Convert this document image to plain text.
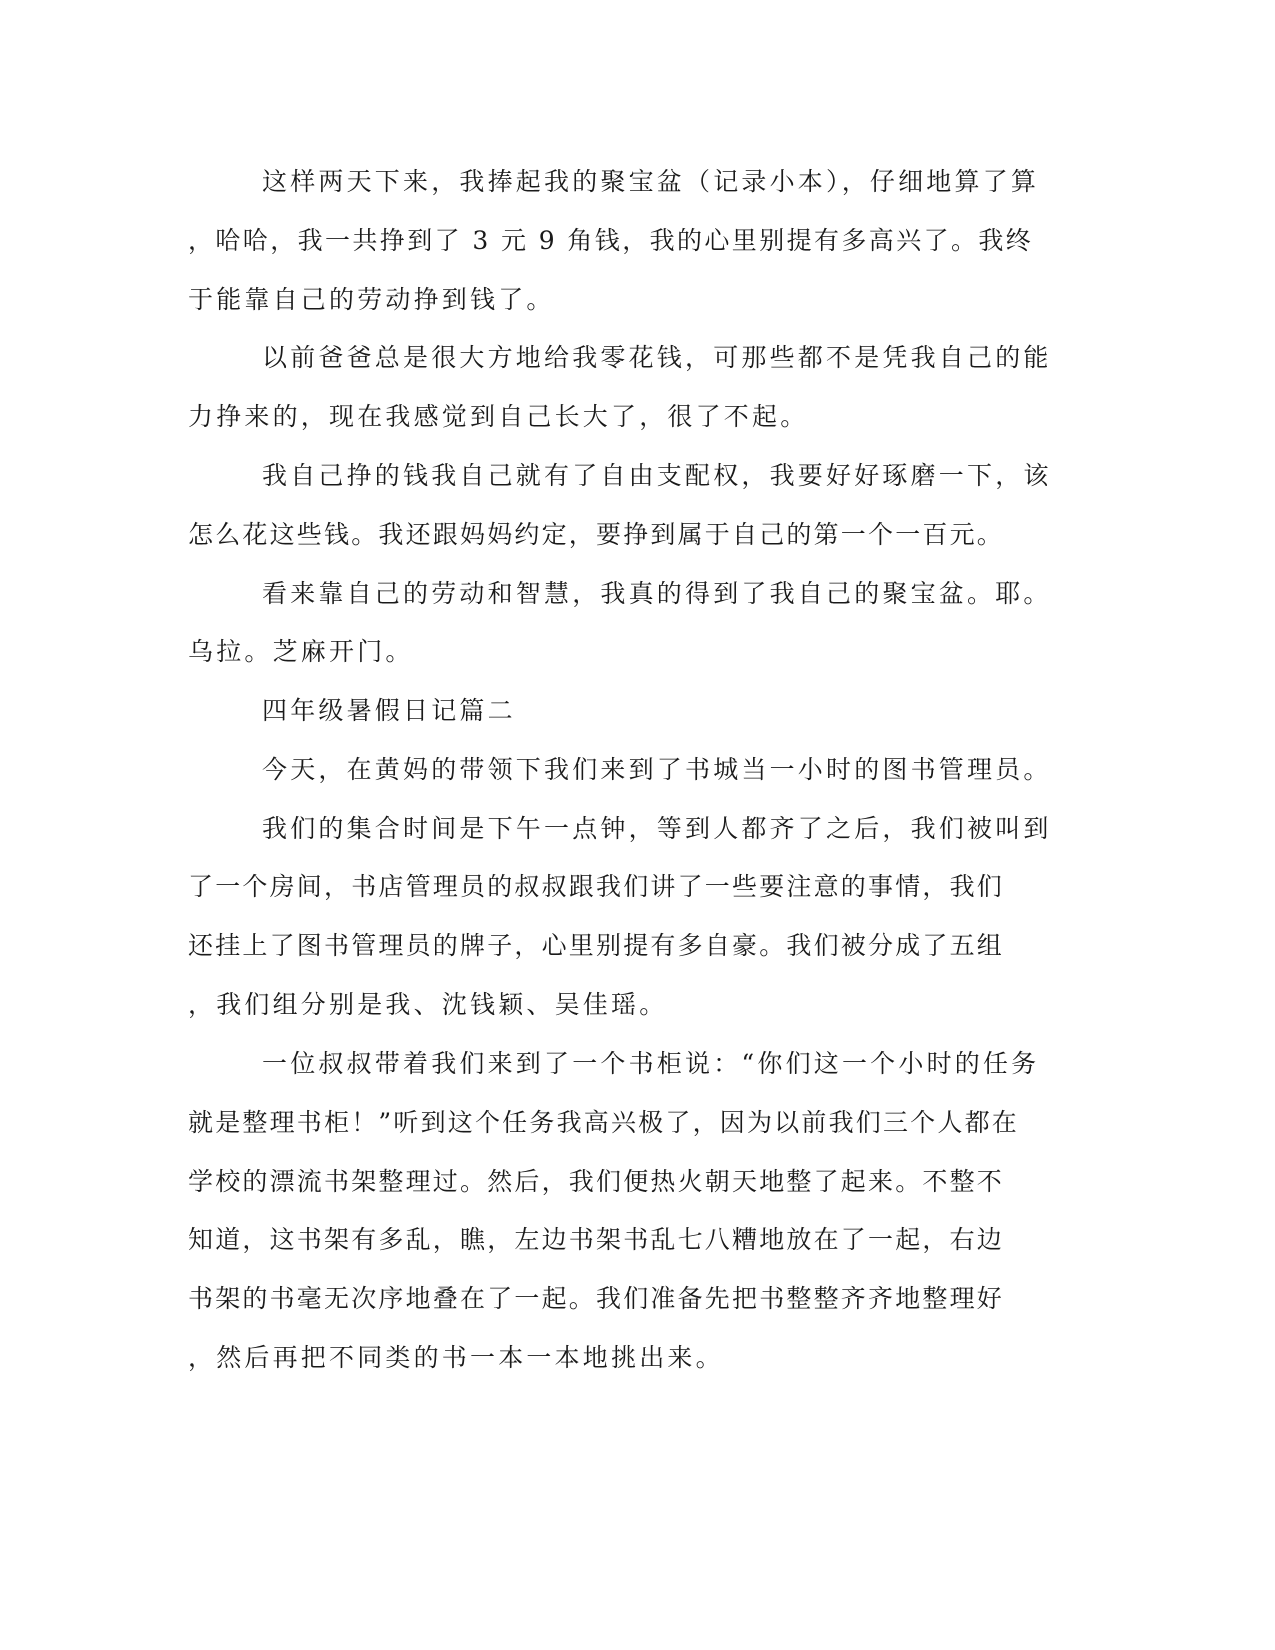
这样两天下来，我捧起我的聚宝盆（记录小本），仔细地算了算

，哈哈，我一共挣到了 3 元 9 角钱，我的心里别提有多高兴了。我终

于能靠自己的劳动挣到钱了。

以前爸爸总是很大方地给我零花钱，可那些都不是凭我自己的能

力挣来的，现在我感觉到自己长大了，很了不起。

我自己挣的钱我自己就有了自由支配权，我要好好琢磨一下，该

怎么花这些钱。我还跟妈妈约定，要挣到属于自己的第一个一百元。

看来靠自己的劳动和智慧，我真的得到了我自己的聚宝盆。耶。

乌拉。芝麻开门。

四年级暑假日记篇二

今天，在黄妈的带领下我们来到了书城当一小时的图书管理员。

我们的集合时间是下午一点钟，等到人都齐了之后，我们被叫到

了一个房间，书店管理员的叔叔跟我们讲了一些要注意的事情，我们

还挂上了图书管理员的牌子，心里别提有多自豪。我们被分成了五组

，我们组分别是我、沈钱颖、吴佳瑶。

一位叔叔带着我们来到了一个书柜说：“你们这一个小时的任务

就是整理书柜！”听到这个任务我高兴极了，因为以前我们三个人都在

学校的漂流书架整理过。然后，我们便热火朝天地整了起来。不整不

知道，这书架有多乱，瞧，左边书架书乱七八糟地放在了一起，右边

书架的书毫无次序地叠在了一起。我们准备先把书整整齐齐地整理好

，然后再把不同类的书一本一本地挑出来。
